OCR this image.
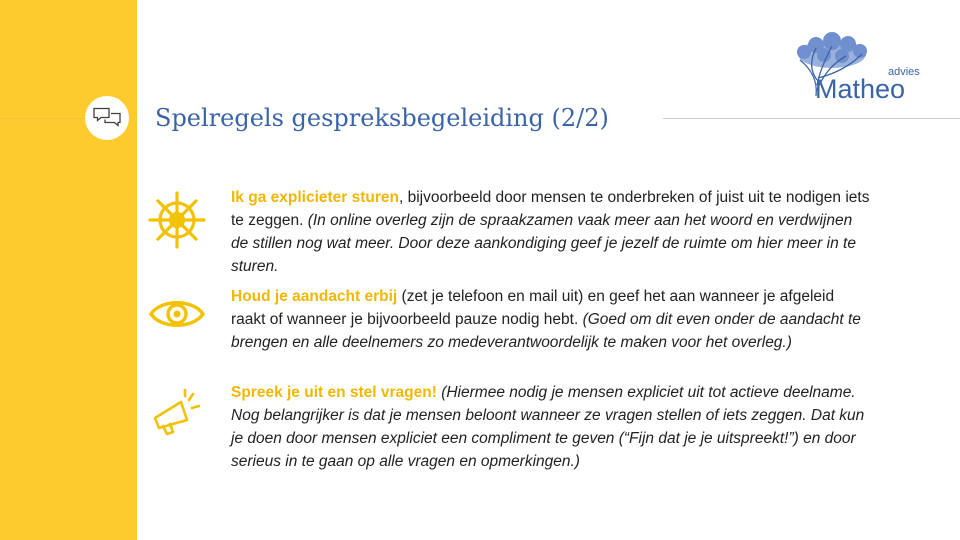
Spelregels gespreksbegeleiding (2/2)
advies
Matheo
Ik ga explicieter sturen, bijvoorbeeld door mensen te onderbreken of juist uit te nodigen iets te zeggen. (In online overleg zijn de spraakzamen vaak meer aan het woord en verdwijnen de stillen nog wat meer. Door deze aankondiging geef je jezelf de ruimte om hier meer in te sturen.
Houd je aandacht erbij (zet je telefoon en mail uit) en geef het aan wanneer je afgeleid raakt of wanneer je bijvoorbeeld pauze nodig hebt. (Goed om dit even onder de aandacht te brengen en alle deelnemers zo medeverantwoordelijk te maken voor het overleg.)
Spreek je uit en stel vragen! (Hiermee nodig je mensen expliciet uit tot actieve deelname. Nog belangrijker is dat je mensen beloont wanneer ze vragen stellen of iets zeggen. Dat kun je doen door mensen expliciet een compliment te geven (“Fijn dat je je uitspreekt!”) en door serieus in te gaan op alle vragen en opmerkingen.)
